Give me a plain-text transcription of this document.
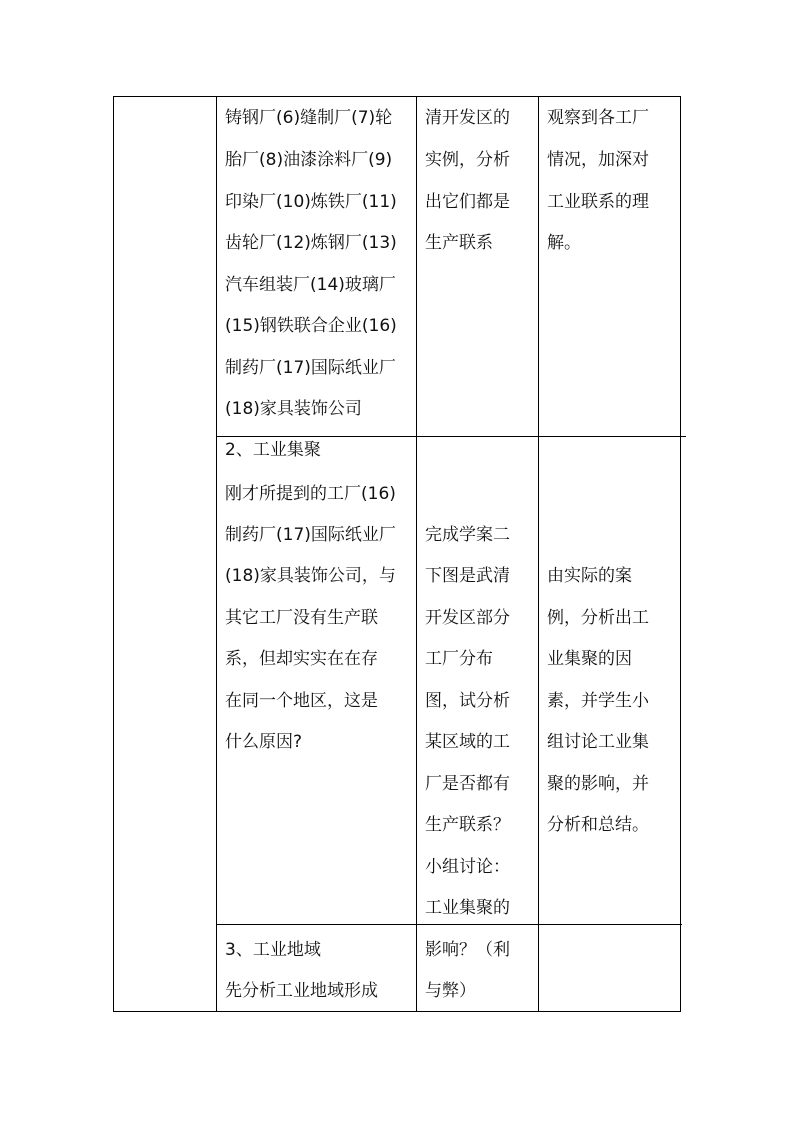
铸钢厂(6)缝制厂(7)轮
胎厂(8)油漆涂料厂(9)
印染厂(10)炼铁厂(11)
齿轮厂(12)炼钢厂(13)
汽车组装厂(14)玻璃厂
(15)钢铁联合企业(16)
制药厂(17)国际纸业厂
(18)家具装饰公司
清开发区的
实例，分析
出它们都是
生产联系
观察到各工厂
情况，加深对
工业联系的理
解。
2、工业集聚
刚才所提到的工厂(16)
制药厂(17)国际纸业厂
(18)家具装饰公司，与
其它工厂没有生产联
系，但却实实在在存
在同一个地区，这是
什么原因?
完成学案二
下图是武清
开发区部分
工厂分布
图，试分析
某区域的工
厂是否都有
生产联系？
小组讨论：
工业集聚的
影响？（利
与弊）
由实际的案
例，分析出工
业集聚的因
素，并学生小
组讨论工业集
聚的影响，并
分析和总结。
3、工业地域
先分析工业地域形成
